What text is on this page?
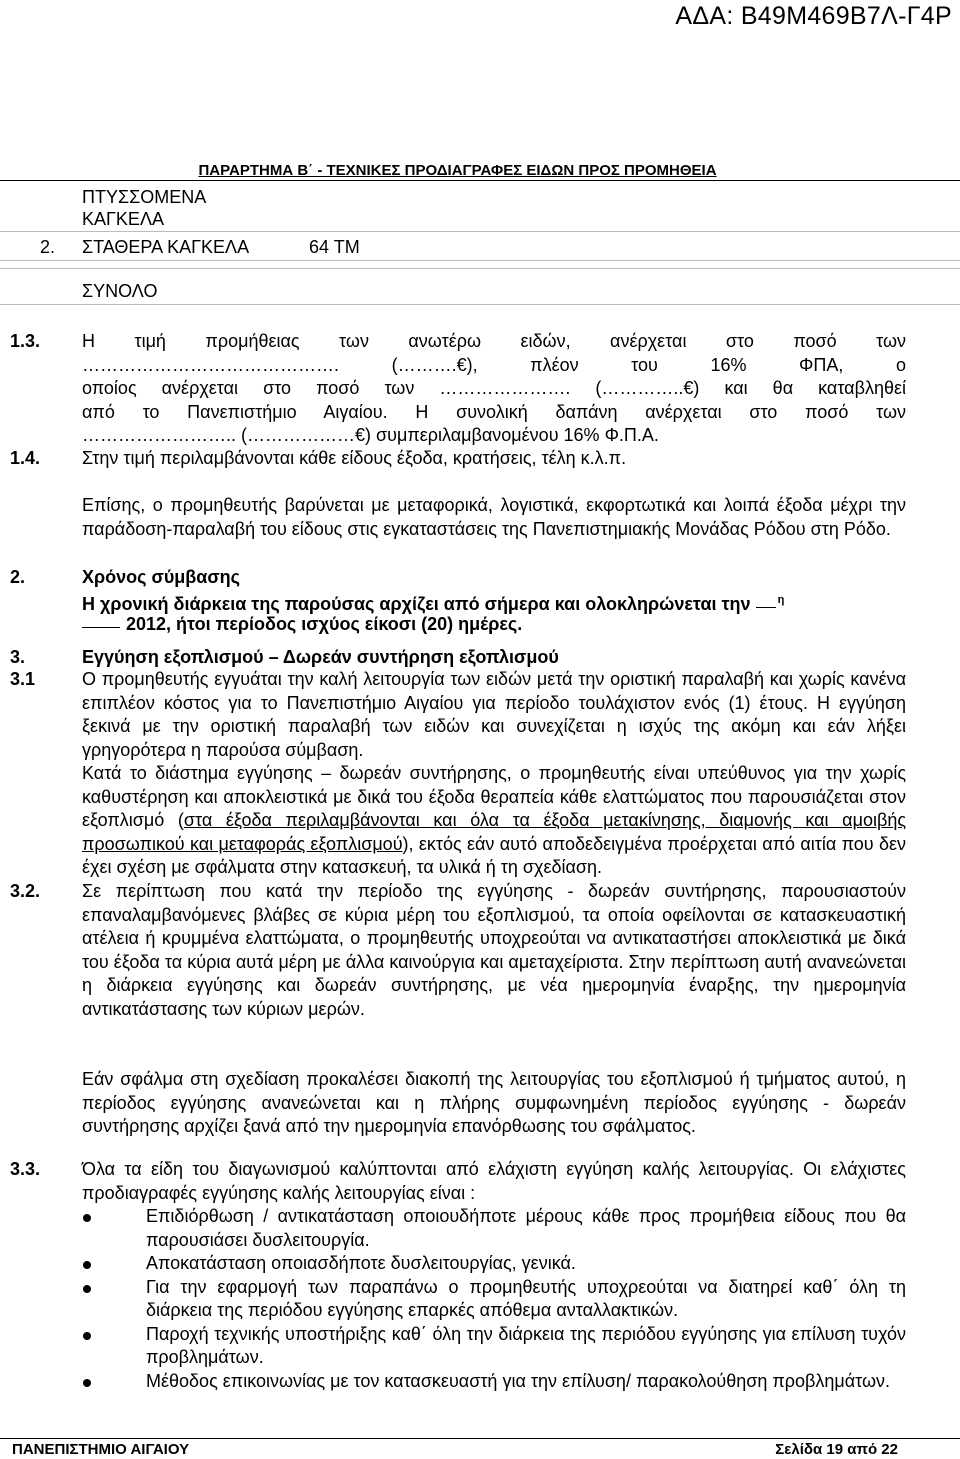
ΑΔΑ: Β49Μ469Β7Λ-Γ4Ρ
ΠΑΡΑΡΤΗΜΑ Β΄ - ΤΕΧΝΙΚΕΣ ΠΡΟΔΙΑΓΡΑΦΕΣ ΕΙΔΩΝ ΠΡΟΣ ΠΡΟΜΗΘΕΙΑ
ΠΤΥΣΣΟΜΕΝΑ
ΚΑΓΚΕΛΑ
2. ΣΤΑΘΕΡΑ ΚΑΓΚΕΛΑ	64 ΤΜ
ΣΥΝΟΛΟ
1.3. Η τιμή προμήθειας των ανωτέρω ειδών, ανέρχεται στο ποσό των
……………………………………. (……….€), πλέον του 16% ΦΠΑ, ο
οποίος ανέρχεται στο ποσό των …………………. (…………..€) και θα καταβληθεί
από το Πανεπιστήμιο Αιγαίου. Η συνολική δαπάνη ανέρχεται στο ποσό των
…………………….. (………………€) συμπεριλαμβανομένου 16% Φ.Π.Α.
1.4. Στην τιμή περιλαμβάνονται κάθε είδους έξοδα, κρατήσεις, τέλη κ.λ.π.
Επίσης, ο προμηθευτής βαρύνεται με μεταφορικά, λογιστικά, εκφορτωτικά και λοιπά έξοδα μέχρι την παράδοση-παραλαβή του είδους στις εγκαταστάσεις της Πανεπιστημιακής Μονάδας Ρόδου στη Ρόδο.
2.	Χρόνος σύμβασης
Η χρονική διάρκεια της παρούσας αρχίζει από σήμερα και ολοκληρώνεται την $^\eta$
2012, ήτοι περίοδος ισχύος είκοσι (20) ημέρες.
3.	Εγγύηση εξοπλισμού – Δωρεάν συντήρηση εξοπλισμού
3.1	Ο προμηθευτής εγγυάται την καλή λειτουργία των ειδών μετά την οριστική παραλαβή και χωρίς κανένα επιπλέον κόστος για το Πανεπιστήμιο Αιγαίου για περίοδο τουλάχιστον ενός (1) έτους. Η εγγύηση ξεκινά με την οριστική παραλαβή των ειδών και συνεχίζεται η ισχύς της ακόμη και εάν λήξει γρηγορότερα η παρούσα σύμβαση.
Κατά το διάστημα εγγύησης – δωρεάν συντήρησης, ο προμηθευτής είναι υπεύθυνος για την χωρίς καθυστέρηση και αποκλειστικά με δικά του έξοδα θεραπεία κάθε ελαττώματος που παρουσιάζεται στον εξοπλισμό (στα έξοδα περιλαμβάνονται και όλα τα έξοδα μετακίνησης, διαμονής και αμοιβής προσωπικού και μεταφοράς εξοπλισμού), εκτός εάν αυτό αποδεδειγμένα προέρχεται από αιτία που δεν έχει σχέση με σφάλματα στην κατασκευή, τα υλικά ή τη σχεδίαση.
3.2. Σε περίπτωση που κατά την περίοδο της εγγύησης - δωρεάν συντήρησης, παρουσιαστούν επαναλαμβανόμενες βλάβες σε κύρια μέρη του εξοπλισμού, τα οποία οφείλονται σε κατασκευαστική ατέλεια ή κρυμμένα ελαττώματα, ο προμηθευτής υποχρεούται να αντικαταστήσει αποκλειστικά με δικά του έξοδα τα κύρια αυτά μέρη με άλλα καινούργια και αμεταχείριστα. Στην περίπτωση αυτή ανανεώνεται η διάρκεια εγγύησης και δωρεάν συντήρησης, με νέα ημερομηνία έναρξης, την ημερομηνία αντικατάστασης των κύριων μερών.
Εάν σφάλμα στη σχεδίαση προκαλέσει διακοπή της λειτουργίας του εξοπλισμού ή τμήματος αυτού, η περίοδος εγγύησης ανανεώνεται και η πλήρης συμφωνημένη περίοδος εγγύησης - δωρεάν συντήρησης αρχίζει ξανά από την ημερομηνία επανόρθωσης του σφάλματος.
3.3. Όλα τα είδη του διαγωνισμού καλύπτονται από ελάχιστη εγγύηση καλής λειτουργίας. Οι ελάχιστες προδιαγραφές εγγύησης καλής λειτουργίας είναι :
Επιδιόρθωση / αντικατάσταση οποιουδήποτε μέρους κάθε προς προμήθεια είδους που θα παρουσιάσει δυσλειτουργία.
Αποκατάσταση οποιασδήποτε δυσλειτουργίας, γενικά.
Για την εφαρμογή των παραπάνω ο προμηθευτής υποχρεούται να διατηρεί καθ΄ όλη τη διάρκεια της περιόδου εγγύησης επαρκές απόθεμα ανταλλακτικών.
Παροχή τεχνικής υποστήριξης καθ΄ όλη την διάρκεια της περιόδου εγγύησης για επίλυση τυχόν προβλημάτων.
Μέθοδος επικοινωνίας με τον κατασκευαστή για την επίλυση/ παρακολούθηση προβλημάτων.
ΠΑΝΕΠΙΣΤΗΜΙΟ ΑΙΓΑΙΟΥ	Σελίδα 19 από 22
